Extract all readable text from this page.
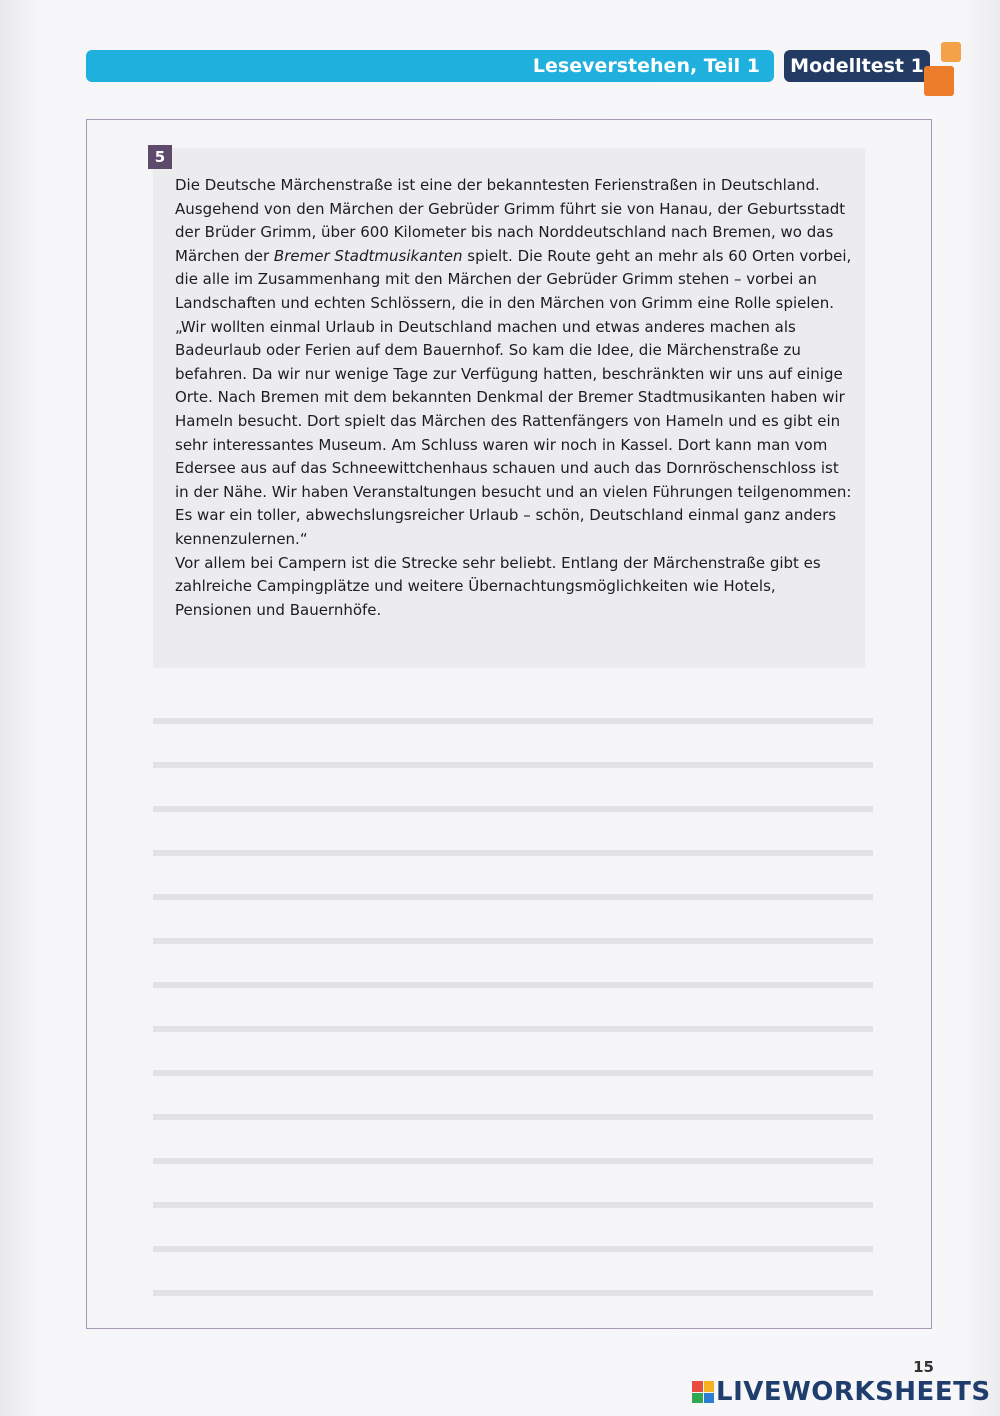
Leseverstehen, Teil 1	Modelltest 1
5

Die Deutsche Märchenstraße ist eine der bekanntesten Ferienstraßen in Deutschland. Ausgehend von den Märchen der Gebrüder Grimm führt sie von Hanau, der Geburtsstadt der Brüder Grimm, über 600 Kilometer bis nach Norddeutschland nach Bremen, wo das Märchen der Bremer Stadtmusikanten spielt. Die Route geht an mehr als 60 Orten vorbei, die alle im Zusammenhang mit den Märchen der Gebrüder Grimm stehen – vorbei an Landschaften und echten Schlössern, die in den Märchen von Grimm eine Rolle spielen.

„Wir wollten einmal Urlaub in Deutschland machen und etwas anderes machen als Badeurlaub oder Ferien auf dem Bauernhof. So kam die Idee, die Märchenstraße zu befahren. Da wir nur wenige Tage zur Verfügung hatten, beschränkten wir uns auf einige Orte. Nach Bremen mit dem bekannten Denkmal der Bremer Stadtmusikanten haben wir Hameln besucht. Dort spielt das Märchen des Rattenfängers von Hameln und es gibt ein sehr interessantes Museum. Am Schluss waren wir noch in Kassel. Dort kann man vom Edersee aus auf das Schneewittchenhaus schauen und auch das Dornröschenschloss ist in der Nähe. Wir haben Veranstaltungen besucht und an vielen Führungen teilgenommen: Es war ein toller, abwechslungsreicher Urlaub – schön, Deutschland einmal ganz anders kennenzulernen.“

Vor allem bei Campern ist die Strecke sehr beliebt. Entlang der Märchenstraße gibt es zahlreiche Campingplätze und weitere Übernachtungsmöglichkeiten wie Hotels, Pensionen und Bauernhöfe.

15
LIVEWORKSHEETS
